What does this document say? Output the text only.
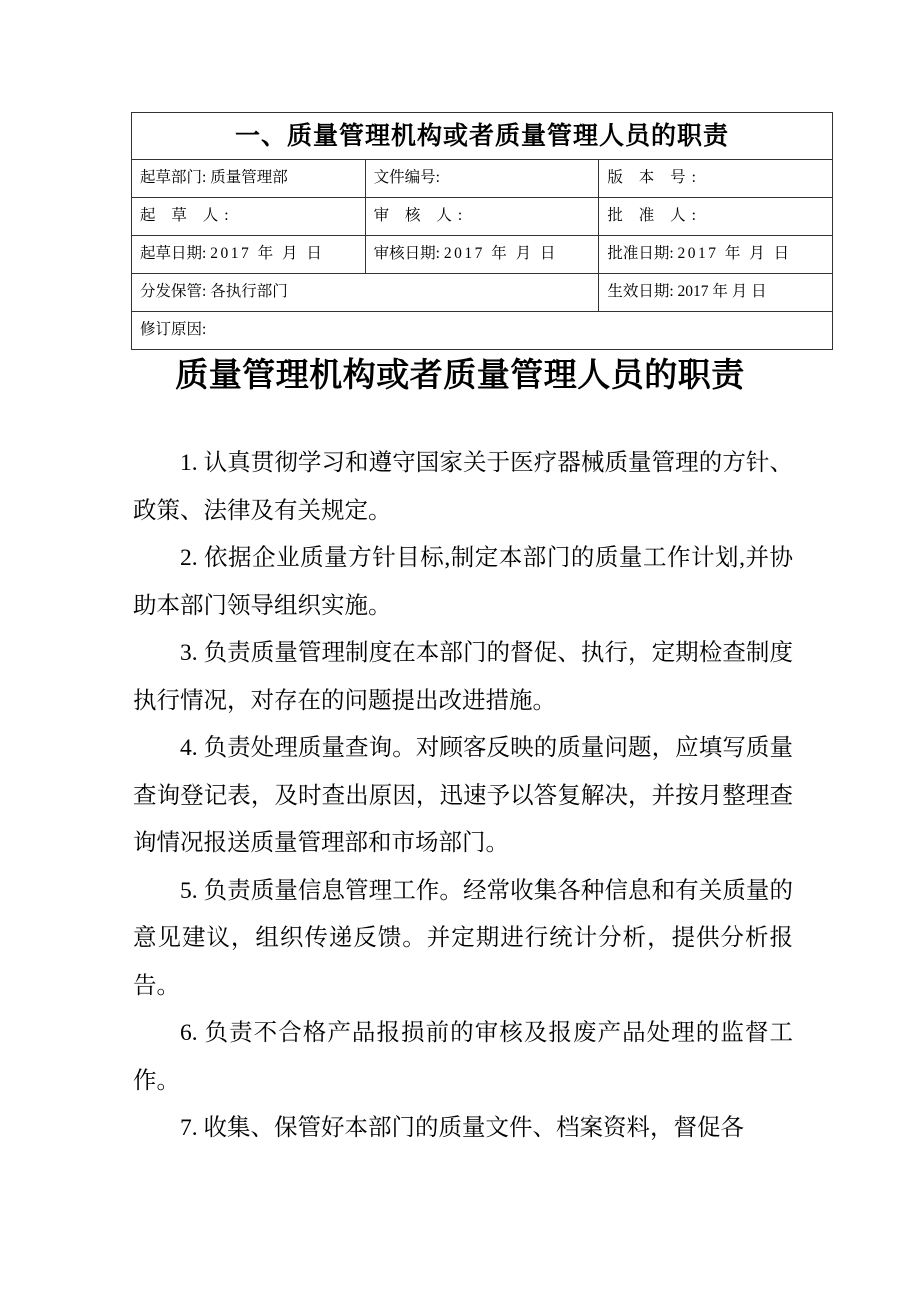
一、质量管理机构或者质量管理人员的职责		
起草部门: 质量管理部	文件编号:	版 本 号:
起 草 人:	审 核 人:	批 准 人:
起草日期: 2017 年 月 日	审核日期: 2017 年 月 日	批准日期: 2017 年 月 日
分发保管: 各执行部门		生效日期: 2017 年 月 日
修订原因:		
质量管理机构或者质量管理人员的职责

1. 认真贯彻学习和遵守国家关于医疗器械质量管理的方针、政策、法律及有关规定。

2. 依据企业质量方针目标,制定本部门的质量工作计划,并协助本部门领导组织实施。

3. 负责质量管理制度在本部门的督促、执行，定期检查制度执行情况，对存在的问题提出改进措施。

4. 负责处理质量查询。对顾客反映的质量问题，应填写质量查询登记表，及时查出原因，迅速予以答复解决，并按月整理查询情况报送质量管理部和市场部门。

5. 负责质量信息管理工作。经常收集各种信息和有关质量的意见建议，组织传递反馈。并定期进行统计分析，提供分析报告。

6. 负责不合格产品报损前的审核及报废产品处理的监督工作。

7. 收集、保管好本部门的质量文件、档案资料，督促各
